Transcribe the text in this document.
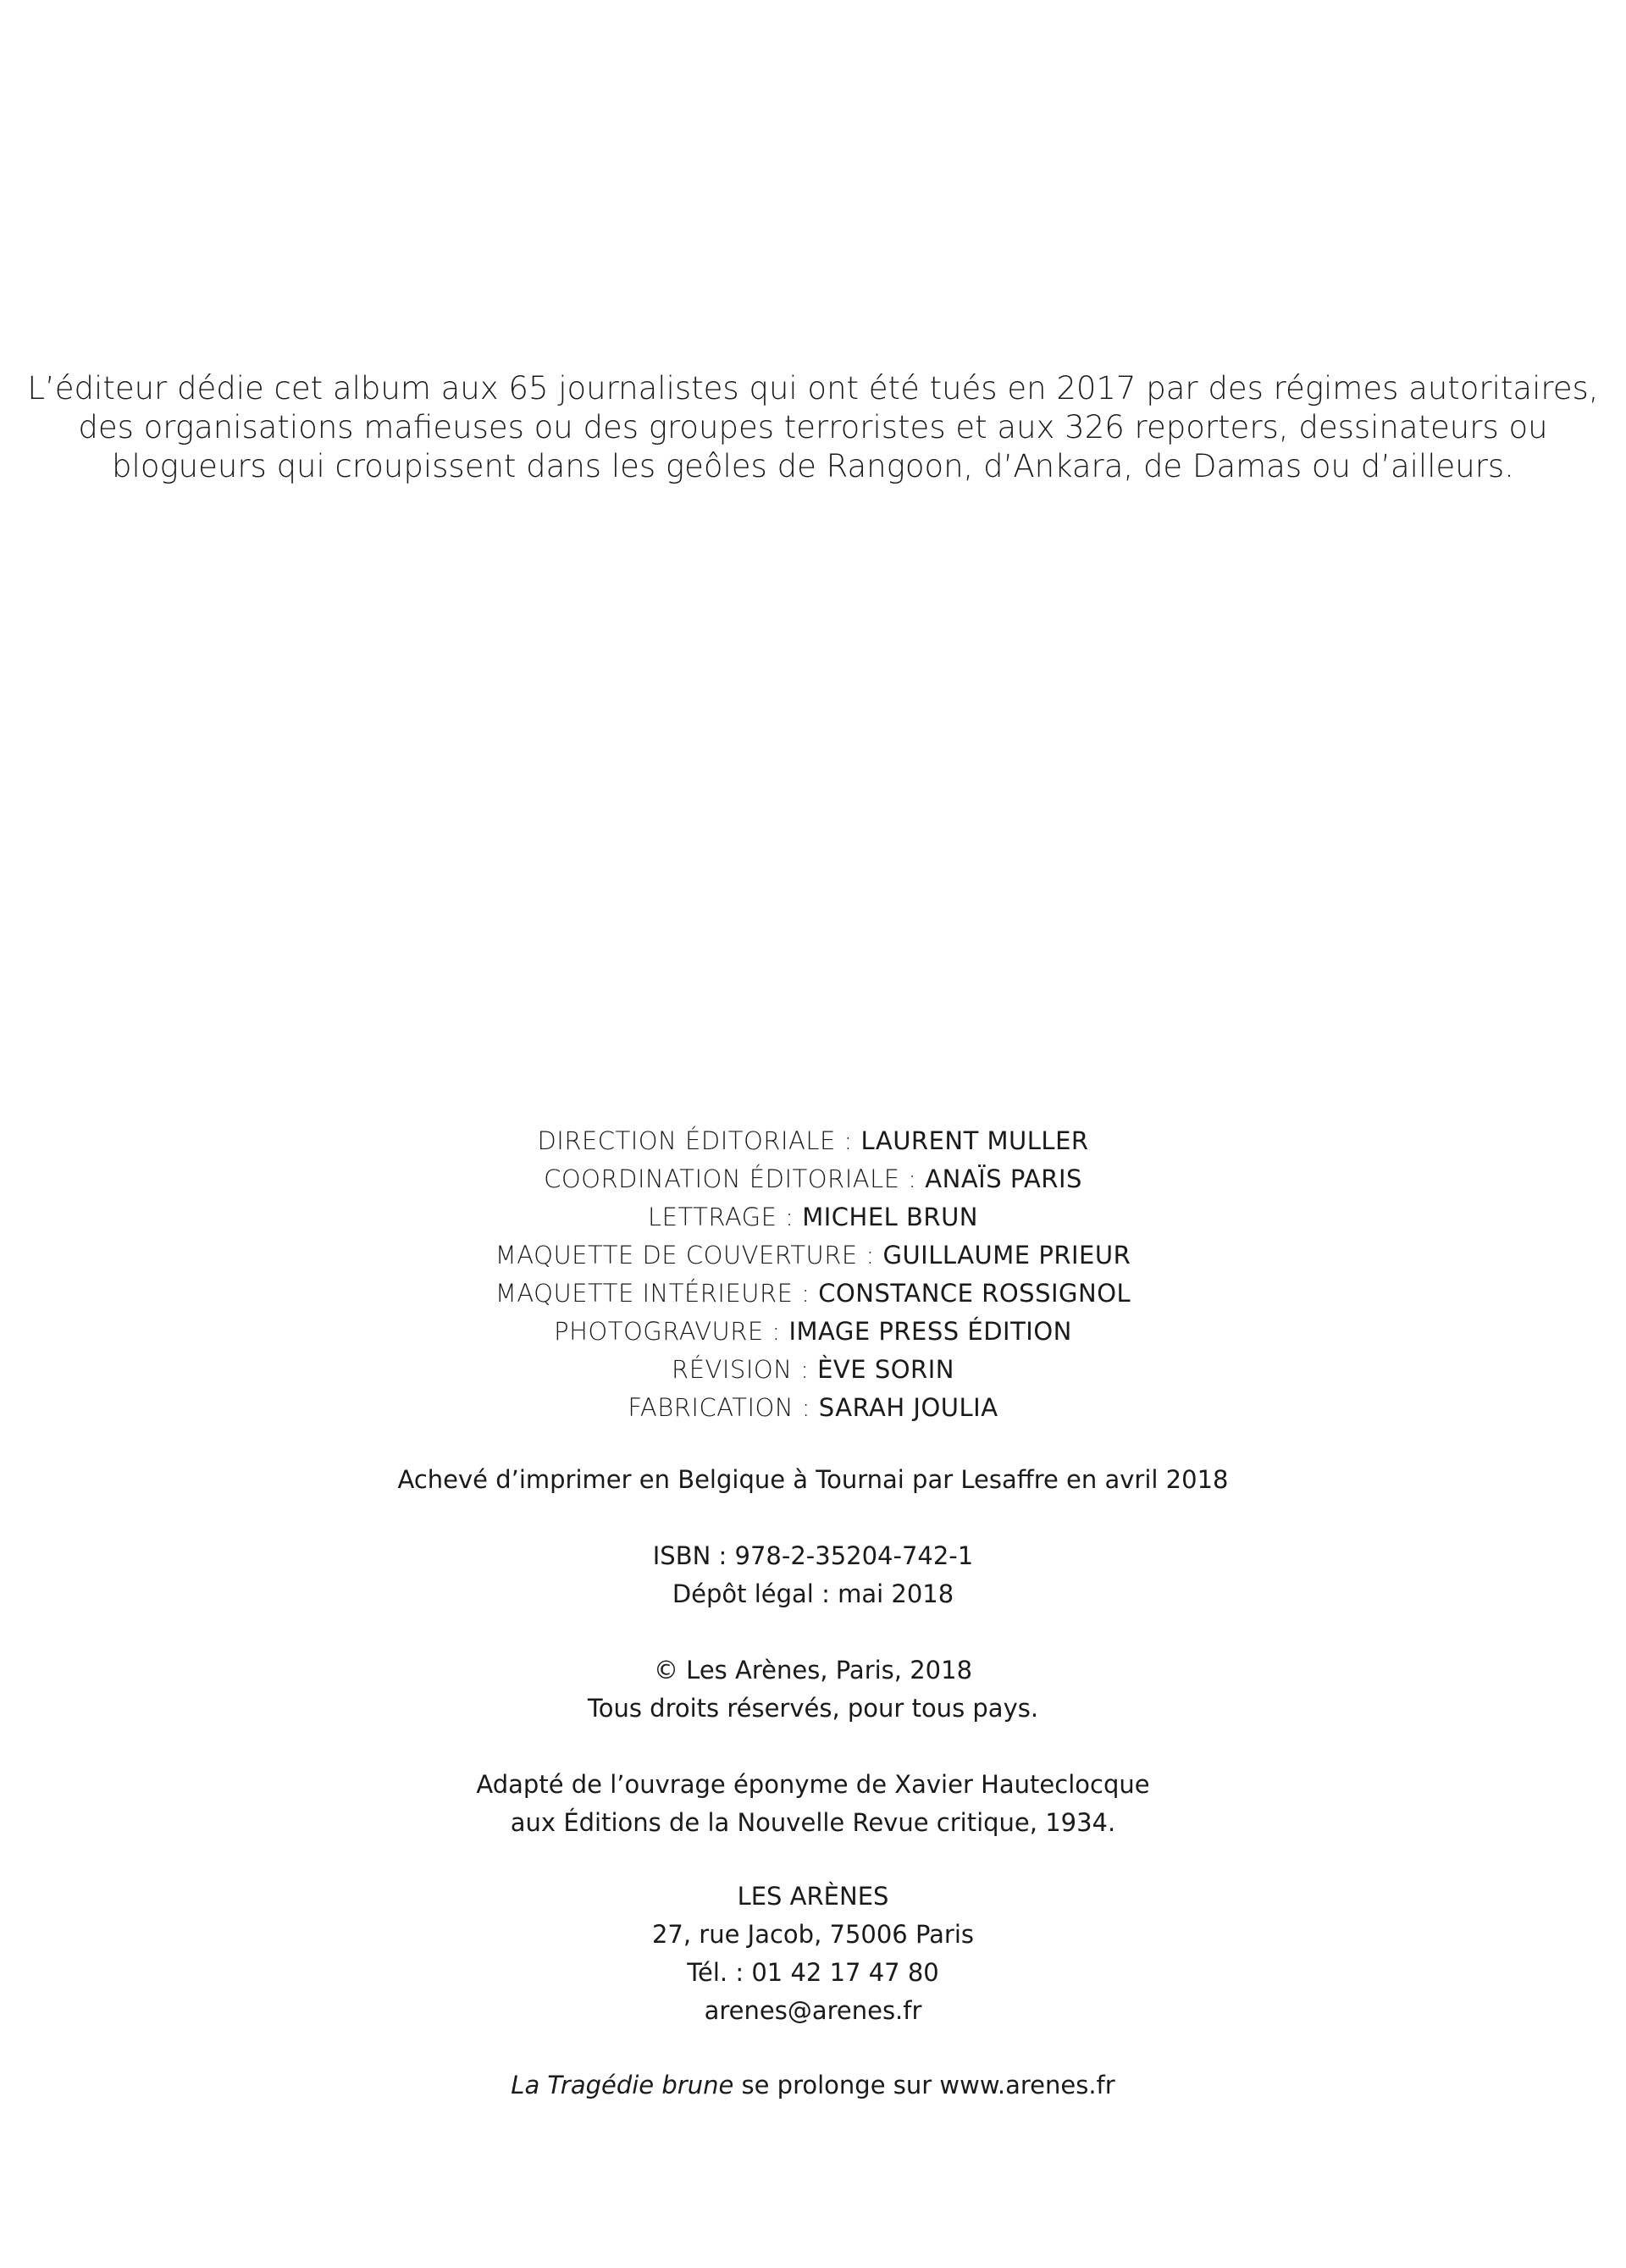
L’éditeur dédie cet album aux 65 journalistes qui ont été tués en 2017 par des régimes autoritaires,

des organisations mafieuses ou des groupes terroristes et aux 326 reporters, dessinateurs ou

blogueurs qui croupissent dans les geôles de Rangoon, d’Ankara, de Damas ou d’ailleurs.

DIRECTION ÉDITORIALE : LAURENT MULLER

COORDINATION ÉDITORIALE : ANAÏS PARIS

LETTRAGE : MICHEL BRUN

MAQUETTE DE COUVERTURE : GUILLAUME PRIEUR

MAQUETTE INTÉRIEURE : CONSTANCE ROSSIGNOL

PHOTOGRAVURE : IMAGE PRESS ÉDITION

RÉVISION : ÈVE SORIN

FABRICATION : SARAH JOULIA

Achevé d’imprimer en Belgique à Tournai par Lesaffre en avril 2018

ISBN : 978-2-35204-742-1

Dépôt légal : mai 2018

© Les Arènes, Paris, 2018

Tous droits réservés, pour tous pays.

Adapté de l’ouvrage éponyme de Xavier Hauteclocque

aux Éditions de la Nouvelle Revue critique, 1934.

LES ARÈNES

27, rue Jacob, 75006 Paris

Tél. : 01 42 17 47 80

arenes@arenes.fr

La Tragédie brune se prolonge sur www.arenes.fr
